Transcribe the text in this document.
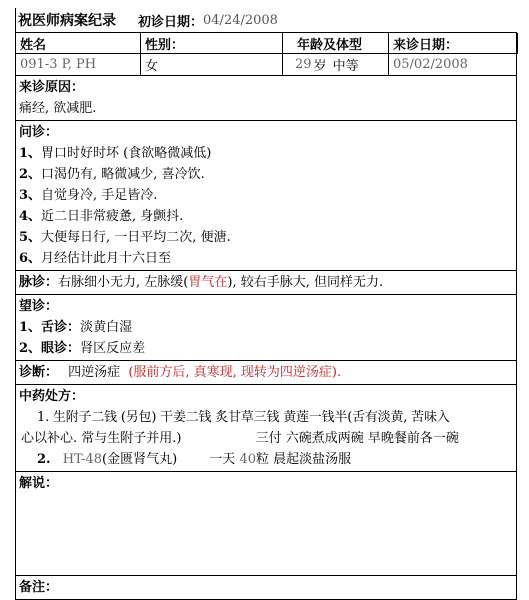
祝医师病案纪录 初诊日期： 04/24/2008
姓名	性别：	年龄及体型	来诊日期：
091-3 P, PH	女	29 岁 中等	05/02/2008
来诊原因：
痛经, 欲减肥.
问诊：
1、胃口时好时坏 (食欲略微减低)
2、口渴仍有, 略微减少, 喜冷饮.
3、自觉身冷, 手足皆冷.
4、近二日非常疲惫, 身颤抖.
5、大便每日行, 一日平均二次, 便溏.
6、月经估计此月十六日至
脉诊：右脉细小无力, 左脉缓(胃气在), 较右手脉大, 但同样无力.
望诊：
1、舌诊：淡黄白湿
2、眼诊：肾区反应差
诊断： 四逆汤症 (服前方后, 真寒现, 现转为四逆汤症).
中药处方：
1. 生附子二钱 (另包) 干姜二钱 炙甘草三钱 黄莲一钱半(舌有淡黄, 苦味入
心以补心. 常与生附子并用.)	三付 六碗煮成两碗 早晚餐前各一碗
2. HT-48(金匮肾气丸) 一天 40粒 晨起淡盐汤服
解说：
备注：
